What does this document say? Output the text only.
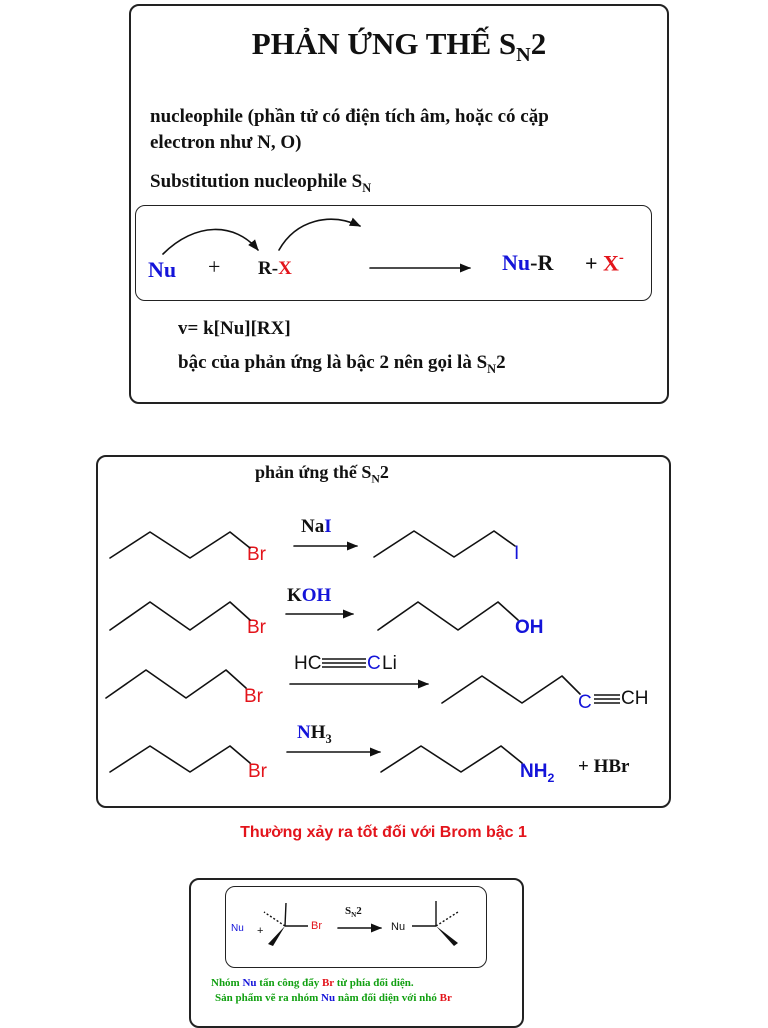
PHẢN ỨNG THẾ $S_N2$
nucleophile (phần tử có điện tích âm, hoặc có cặp
electron như N, O)
Substitution nucleophile $S_N$
Nu + R-X	Nu-R + X-
v= k[Nu][RX]
bậc của phản ứng là bậc 2 nên gọi là $S_N2$
phản ứng thế $S_N2$
Br
Br
Br
Br
NaI
KOH
HC C Li
$NH_3$
I
OH
C CH
$NH_2$
+ HBr
Thường xảy ra tốt đối với Brom bậc 1
Nu +	Br
$S_N2$
Nu
Nhóm Nu tấn công đẩy Br từ phía đối diện.
Sản phẩm vẽ ra nhóm Nu nằm đối diện với nhó Br
